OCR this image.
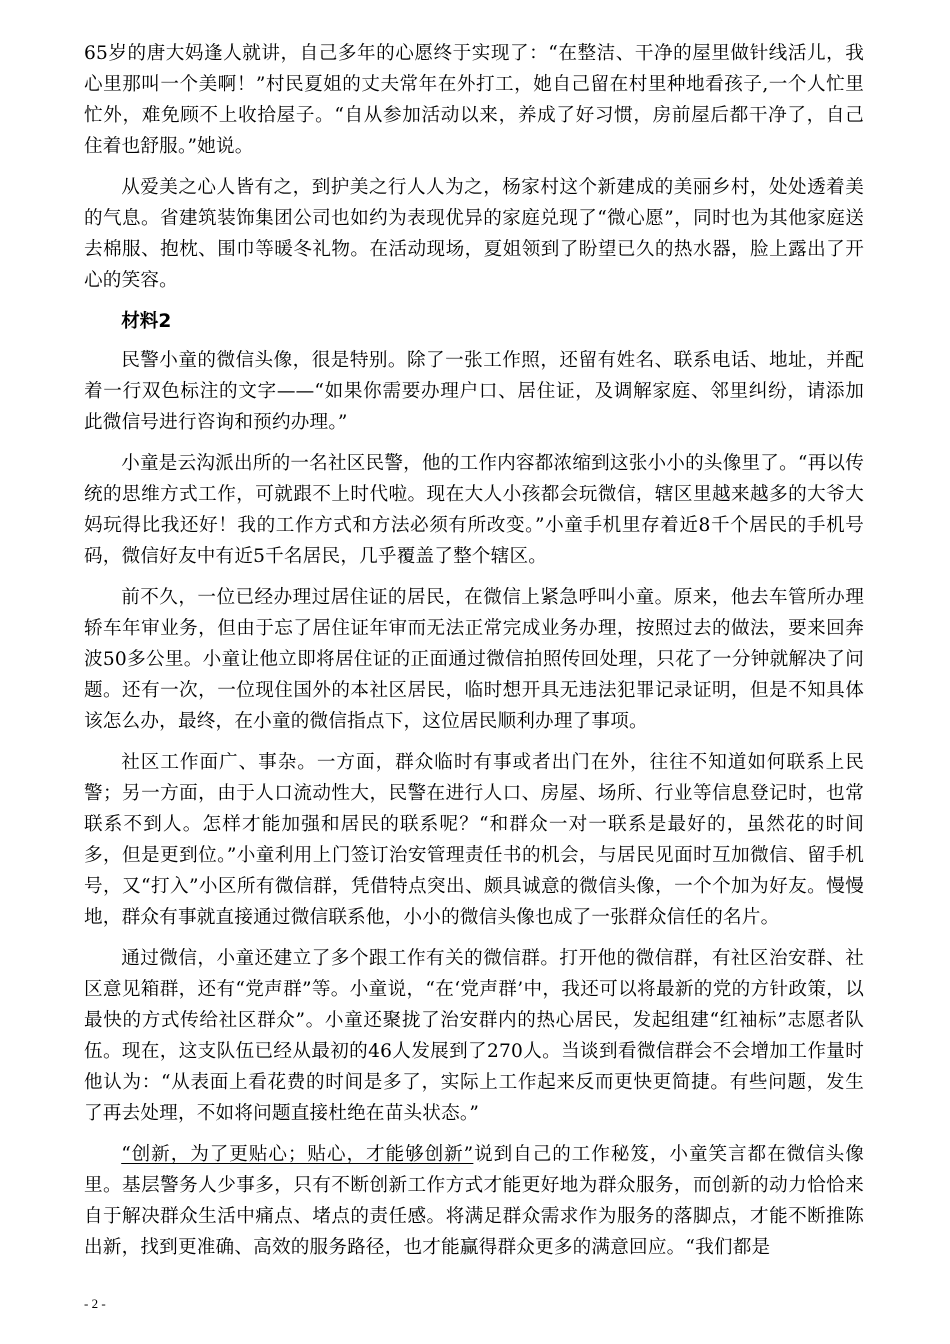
65岁的唐大妈逢人就讲，自己多年的心愿终于实现了：“在整洁、干净的屋里做针线活儿，我心里那叫一个美啊！”村民夏姐的丈夫常年在外打工，她自己留在村里种地看孩子,一个人忙里忙外，难免顾不上收拾屋子。“自从参加活动以来，养成了好习惯，房前屋后都干净了，自己住着也舒服。”她说。

从爱美之心人皆有之，到护美之行人人为之，杨家村这个新建成的美丽乡村，处处透着美的气息。省建筑装饰集团公司也如约为表现优异的家庭兑现了“微心愿”，同时也为其他家庭送去棉服、抱枕、围巾等暖冬礼物。在活动现场，夏姐领到了盼望已久的热水器，脸上露出了开心的笑容。

材料2

民警小童的微信头像，很是特别。除了一张工作照，还留有姓名、联系电话、地址，并配着一行双色标注的文字——“如果你需要办理户口、居住证，及调解家庭、邻里纠纷，请添加此微信号进行咨询和预约办理。”

小童是云沟派出所的一名社区民警，他的工作内容都浓缩到这张小小的头像里了。“再以传统的思维方式工作，可就跟不上时代啦。现在大人小孩都会玩微信，辖区里越来越多的大爷大妈玩得比我还好！我的工作方式和方法必须有所改变。”小童手机里存着近8千个居民的手机号码，微信好友中有近5千名居民，几乎覆盖了整个辖区。

前不久，一位已经办理过居住证的居民，在微信上紧急呼叫小童。原来，他去车管所办理轿车年审业务，但由于忘了居住证年审而无法正常完成业务办理，按照过去的做法，要来回奔波50多公里。小童让他立即将居住证的正面通过微信拍照传回处理，只花了一分钟就解决了问题。还有一次，一位现住国外的本社区居民，临时想开具无违法犯罪记录证明，但是不知具体该怎么办，最终，在小童的微信指点下，这位居民顺利办理了事项。

社区工作面广、事杂。一方面，群众临时有事或者出门在外，往往不知道如何联系上民警；另一方面，由于人口流动性大，民警在进行人口、房屋、场所、行业等信息登记时，也常联系不到人。怎样才能加强和居民的联系呢？“和群众一对一联系是最好的，虽然花的时间多，但是更到位。”小童利用上门签订治安管理责任书的机会，与居民见面时互加微信、留手机号，又“打入”小区所有微信群，凭借特点突出、颇具诚意的微信头像，一个个加为好友。慢慢地，群众有事就直接通过微信联系他，小小的微信头像也成了一张群众信任的名片。

通过微信，小童还建立了多个跟工作有关的微信群。打开他的微信群，有社区治安群、社区意见箱群，还有“党声群”等。小童说，“在‘党声群’中，我还可以将最新的党的方针政策，以最快的方式传给社区群众”。小童还聚拢了治安群内的热心居民，发起组建“红袖标”志愿者队伍。现在，这支队伍已经从最初的46人发展到了270人。当谈到看微信群会不会增加工作量时他认为：“从表面上看花费的时间是多了，实际上工作起来反而更快更简捷。有些问题，发生了再去处理，不如将问题直接杜绝在苗头状态。”

“创新，为了更贴心；贴心，才能够创新”说到自己的工作秘笈，小童笑言都在微信头像里。基层警务人少事多，只有不断创新工作方式才能更好地为群众服务，而创新的动力恰恰来自于解决群众生活中痛点、堵点的责任感。将满足群众需求作为服务的落脚点，才能不断推陈出新，找到更准确、高效的服务路径，也才能赢得群众更多的满意回应。“我们都是

- 2 -
